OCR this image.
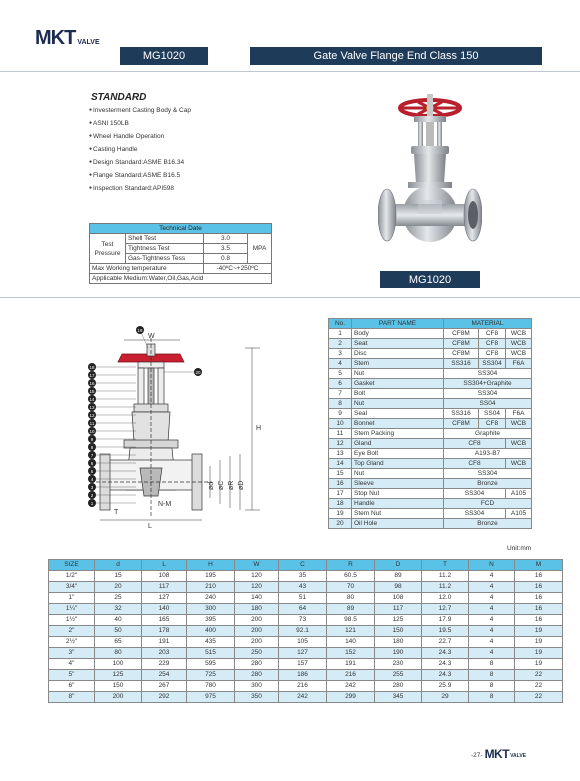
MKT VALVE
MG1020	Gate Valve Flange End Class 150
STANDARD
● Investerment Casting Body & Cap
● ASNI 150LB
● Wheel Handle Operation
● Casting Handle
● Design Standard:ASME B16.34
● Flange Standard:ASME B16.5
● Inspection Standard:API598
Technical Date			
Test
Pressure	Shell Test	3.0	MPA
	Tightness Test	3.5	
	Gas-Tightness Tess	0.8	
Max Working temperature		-40ºC~+250ºC	
Applicable Medium:Water,Oil,Gas,Acid				MG1020
1
2
3
4
5
6
7
8
9
10
11
12
13
14
15
16
17
18
19
20
H
W
L
T
N-M
ød øC øR øD
No.	PART NAME	MATERIAL		
1	Body	CF8M	CF8	WCB
2	Seat	CF8M	CF8	WCB
3	Disc	CF8M	CF8	WCB
4	Stem	SS316	SS304	F6A
5	Nut	SS304		
6	Gasket	SS304+Graphite		
7	Bolt	SS304		
8	Nut	SS04		
9	Seal	SS316	SS04	F6A
10	Bonnet	CF8M	CF8	WCB
11	Stem Packing	Graphite		
12	Gland	CF8		WCB
13	Eye Bolt	A193-B7		
14	Top Gland	CF8		WCB
15	Nut	SS304		
16	Sleeve	Bronze		
17	Stop Nut	SS304		A105
18	Handle	FCD		
19	Stem Nut	SS304		A105
20	Oil Hole	Bronze		
Unit:mm
SIZE	d	L	H	W	C	R	D	T	N	M
1/2"	15	108	195	120	35	60.5	89	11.2	4	16
3/4"	20	117	210	120	43	70	98	11.2	4	16
1"	25	127	240	140	51	80	108	12.0	4	16
1¼"	32	140	300	180	64	89	117	12.7	4	16
1½"	40	165	395	200	73	98.5	125	17.9	4	16
2"	50	178	400	200	92.1	121	150	19.5	4	19
2½"	65	191	435	200	105	140	180	22.7	4	19
3"	80	203	515	250	127	152	190	24.3	4	19
4"	100	229	595	280	157	191	230	24.3	8	19
5"	125	254	725	280	186	216	255	24.3	8	22
6"	150	267	780	300	216	242	280	25.9	8	22
8"	200	292	975	350	242	299	345	29	8	22
-27- MKT VALVE
